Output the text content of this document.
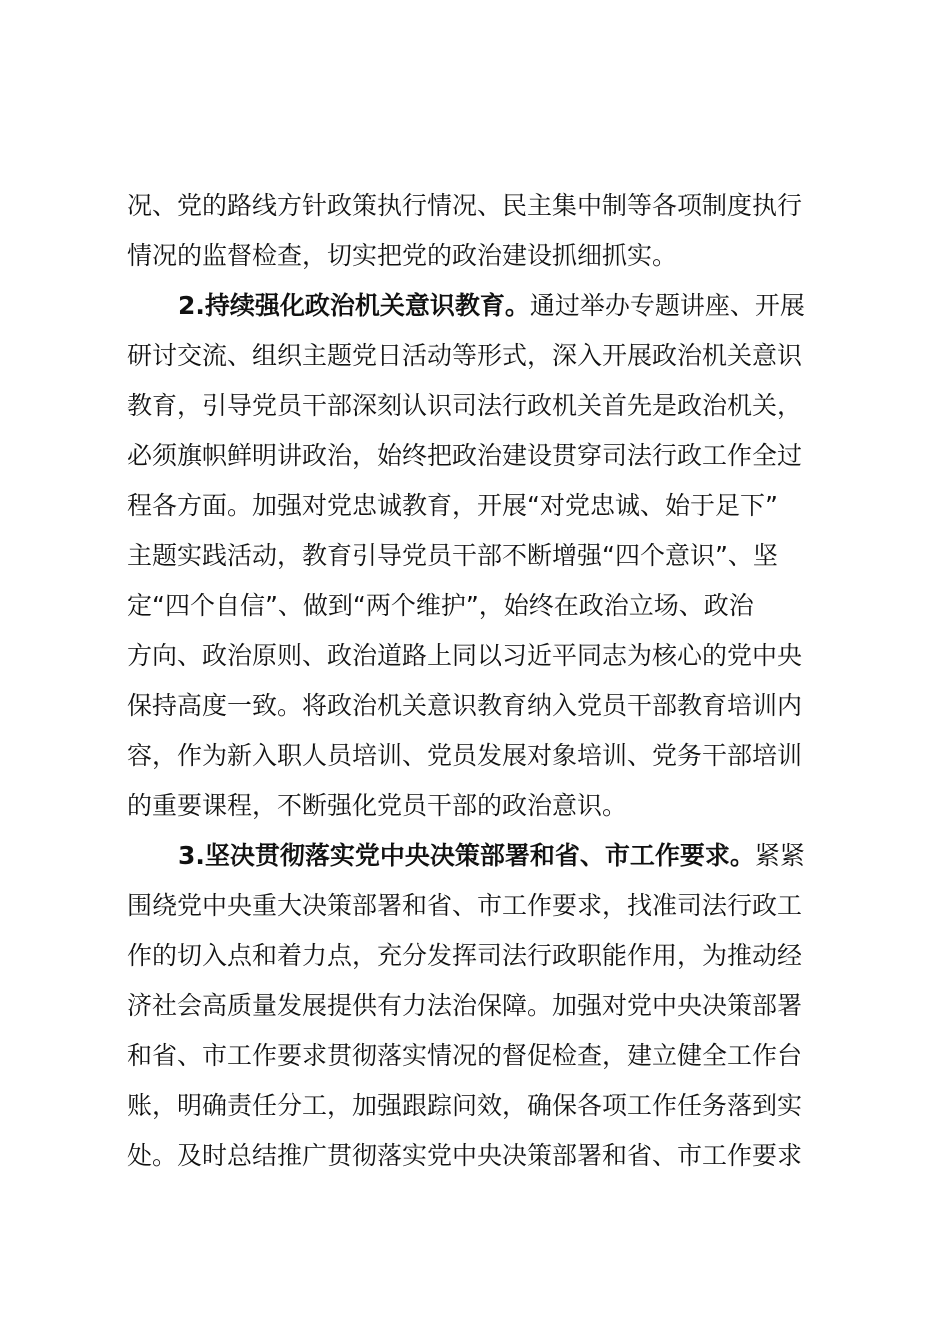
况、党的路线方针政策执行情况、民主集中制等各项制度执行
情况的监督检查，切实把党的政治建设抓细抓实。
2.持续强化政治机关意识教育。通过举办专题讲座、开展
研讨交流、组织主题党日活动等形式，深入开展政治机关意识
教育，引导党员干部深刻认识司法行政机关首先是政治机关，
必须旗帜鲜明讲政治，始终把政治建设贯穿司法行政工作全过
程各方面。加强对党忠诚教育，开展“对党忠诚、始于足下”
主题实践活动，教育引导党员干部不断增强“四个意识”、坚
定“四个自信”、做到“两个维护”，始终在政治立场、政治
方向、政治原则、政治道路上同以习近平同志为核心的党中央
保持高度一致。将政治机关意识教育纳入党员干部教育培训内
容，作为新入职人员培训、党员发展对象培训、党务干部培训
的重要课程，不断强化党员干部的政治意识。
3.坚决贯彻落实党中央决策部署和省、市工作要求。紧紧
围绕党中央重大决策部署和省、市工作要求，找准司法行政工
作的切入点和着力点，充分发挥司法行政职能作用，为推动经
济社会高质量发展提供有力法治保障。加强对党中央决策部署
和省、市工作要求贯彻落实情况的督促检查，建立健全工作台
账，明确责任分工，加强跟踪问效，确保各项工作任务落到实
处。及时总结推广贯彻落实党中央决策部署和省、市工作要求
